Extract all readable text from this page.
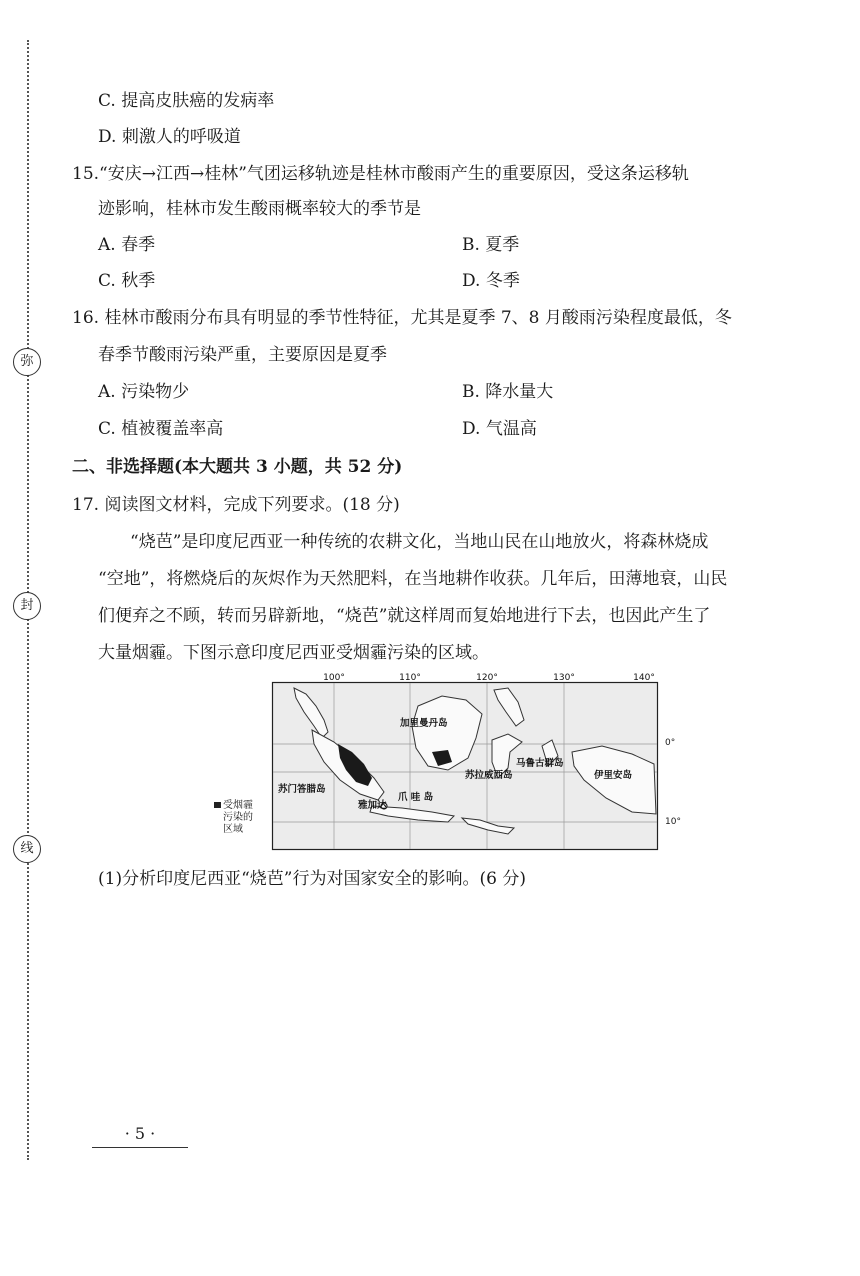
弥
封
线
C. 提高皮肤癌的发病率
D. 刺激人的呼吸道
15.“安庆→江西→桂林”气团运移轨迹是桂林市酸雨产生的重要原因，受这条运移轨
迹影响，桂林市发生酸雨概率较大的季节是
A. 春季	B. 夏季
C. 秋季	D. 冬季
16. 桂林市酸雨分布具有明显的季节性特征，尤其是夏季 7、8 月酸雨污染程度最低，冬
春季节酸雨污染严重，主要原因是夏季
A. 污染物少	B. 降水量大
C. 植被覆盖率高	D. 气温高
二、非选择题(本大题共 3 小题，共 52 分)
17. 阅读图文材料，完成下列要求。(18 分)
“烧芭”是印度尼西亚一种传统的农耕文化，当地山民在山地放火，将森林烧成
“空地”，将燃烧后的灰烬作为天然肥料，在当地耕作收获。几年后，田薄地衰，山民
们便弃之不顾，转而另辟新地，“烧芭”就这样周而复始地进行下去，也因此产生了
大量烟霾。下图示意印度尼西亚受烟霾污染的区域。
100°	110°	120°	130°	140°
加里曼丹岛
苏门答腊岛
苏拉威西岛
马鲁古群岛
伊里安岛
雅加达
爪 哇 岛
0°
10°
受烟霾
污染的
区域
(1)分析印度尼西亚“烧芭”行为对国家安全的影响。(6 分)
· 5 ·
